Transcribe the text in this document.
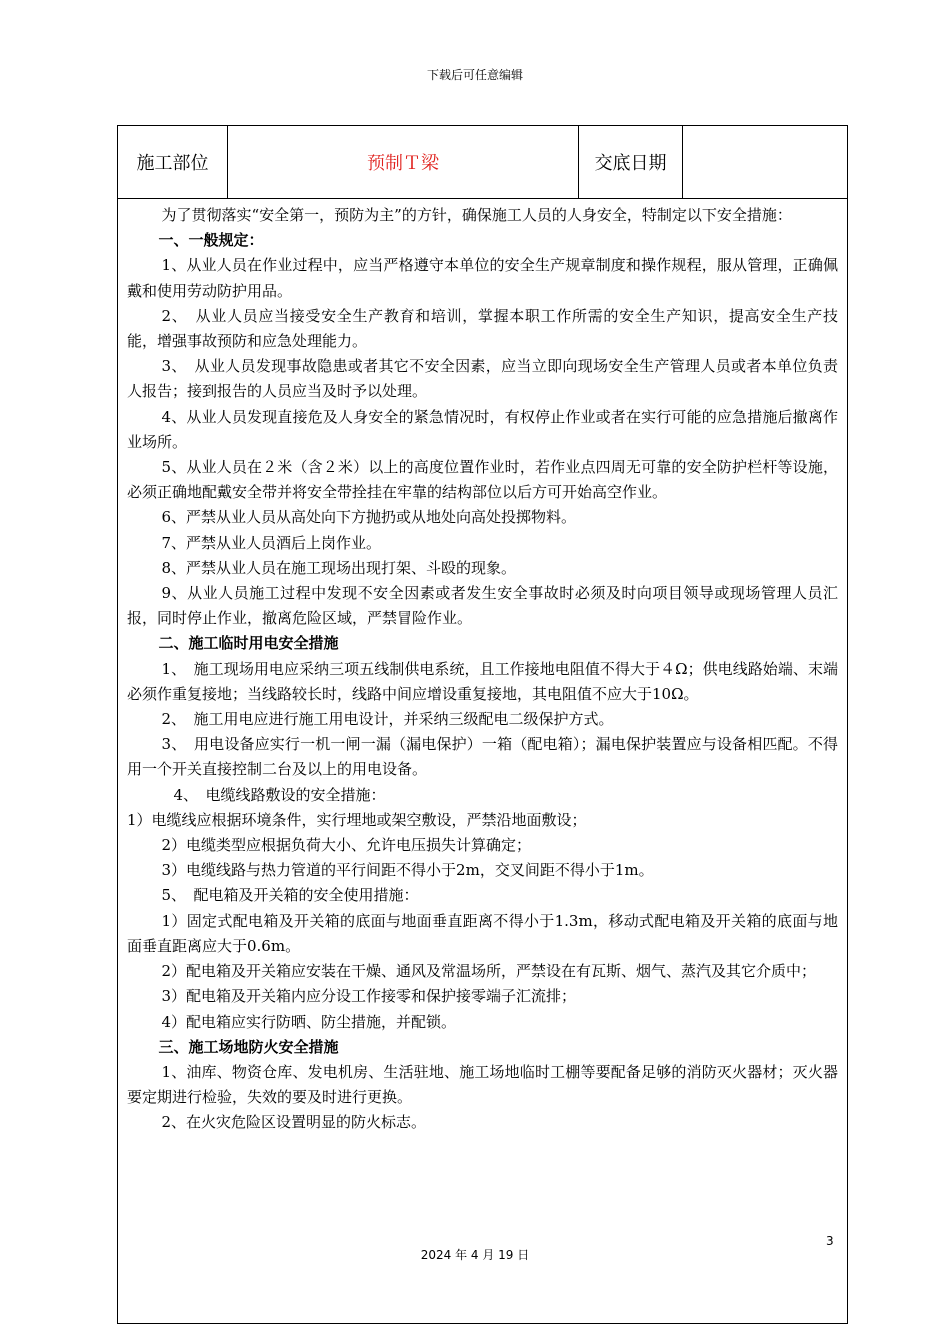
下载后可任意编辑
施工部位	预制Ｔ梁	交底日期	

为了贯彻落实“安全第一，预防为主”的方针，确保施工人员的人身安全，特制定以下安全措施：

一、一般规定：

1、从业人员在作业过程中，应当严格遵守本单位的安全生产规章制度和操作规程，服从管理，正确佩戴和使用劳动防护用品。

2、　从业人员应当接受安全生产教育和培训，掌握本职工作所需的安全生产知识，提高安全生产技能，增强事故预防和应急处理能力。

3、　从业人员发现事故隐患或者其它不安全因素，应当立即向现场安全生产管理人员或者本单位负责人报告；接到报告的人员应当及时予以处理。

4、从业人员发现直接危及人身安全的紧急情况时，有权停止作业或者在实行可能的应急措施后撤离作业场所。

5、从业人员在２米（含２米）以上的高度位置作业时，若作业点四周无可靠的安全防护栏杆等设施，必须正确地配戴安全带并将安全带拴挂在牢靠的结构部位以后方可开始高空作业。

6、严禁从业人员从高处向下方抛扔或从地处向高处投掷物料。

7、严禁从业人员酒后上岗作业。

8、严禁从业人员在施工现场出现打架、斗殴的现象。

9、从业人员施工过程中发现不安全因素或者发生安全事故时必须及时向项目领导或现场管理人员汇报，同时停止作业，撤离危险区域，严禁冒险作业。

二、施工临时用电安全措施

1、　施工现场用电应采纳三项五线制供电系统，且工作接地电阻值不得大于４Ω；供电线路始端、末端必须作重复接地；当线路较长时，线路中间应增设重复接地，其电阻值不应大于10Ω。

2、　施工用电应进行施工用电设计，并采纳三级配电二级保护方式。

3、　用电设备应实行一机一闸一漏（漏电保护）一箱（配电箱）；漏电保护装置应与设备相匹配。不得用一个开关直接控制二台及以上的用电设备。

4、　电缆线路敷设的安全措施：

1）电缆线应根据环境条件，实行埋地或架空敷设，严禁沿地面敷设；

2）电缆类型应根据负荷大小、允许电压损失计算确定；

3）电缆线路与热力管道的平行间距不得小于2m，交叉间距不得小于1m。

5、　配电箱及开关箱的安全使用措施：

1）固定式配电箱及开关箱的底面与地面垂直距离不得小于1.3m，移动式配电箱及开关箱的底面与地面垂直距离应大于0.6m。

2）配电箱及开关箱应安装在干燥、通风及常温场所，严禁设在有瓦斯、烟气、蒸汽及其它介质中；

3）配电箱及开关箱内应分设工作接零和保护接零端子汇流排；

4）配电箱应实行防晒、防尘措施，并配锁。

三、施工场地防火安全措施

1、油库、物资仓库、发电机房、生活驻地、施工场地临时工棚等要配备足够的消防灭火器材；灭火器要定期进行检验，失效的要及时进行更换。

2、在火灾危险区设置明显的防火标志。

3
2024 年 4 月 19 日
